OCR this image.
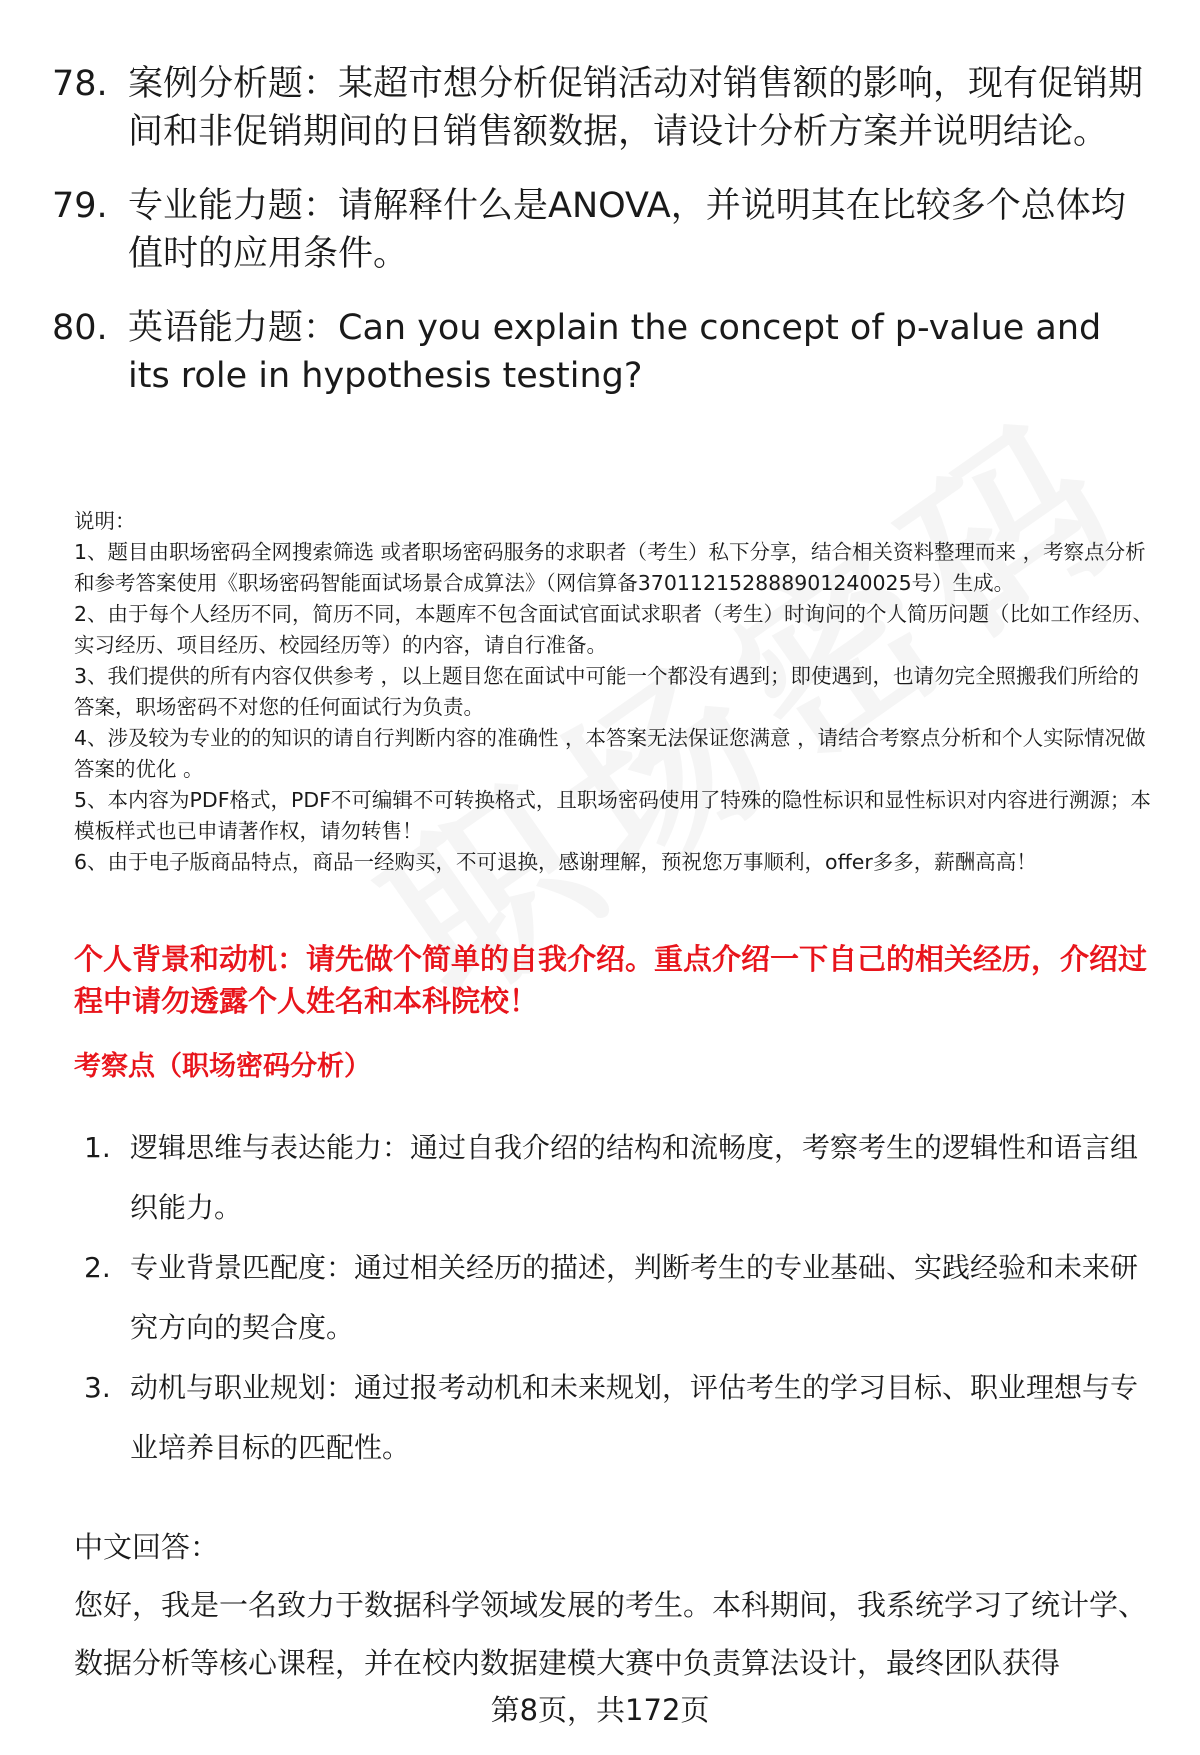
78. 案例分析题：某超市想分析促销活动对销售额的影响，现有促销期间和非促销期间的日销售额数据，请设计分析方案并说明结论。
79. 专业能力题：请解释什么是ANOVA，并说明其在比较多个总体均值时的应用条件。
80. 英语能力题：Can you explain the concept of p-value and its role in hypothesis testing?

说明：

1、题目由职场密码全网搜索筛选 或者职场密码服务的求职者（考生）私下分享，结合相关资料整理而来 ，考察点分析和参考答案使用《职场密码智能面试场景合成算法》（网信算备370112152888901240025号）生成。

2、由于每个人经历不同，简历不同，本题库不包含面试官面试求职者（考生）时询问的个人简历问题（比如工作经历、实习经历、项目经历、校园经历等）的内容，请自行准备。

3、我们提供的所有内容仅供参考 ，以上题目您在面试中可能一个都没有遇到；即使遇到，也请勿完全照搬我们所给的答案，职场密码不对您的任何面试行为负责。

4、涉及较为专业的的知识的请自行判断内容的准确性 ，本答案无法保证您满意 ，请结合考察点分析和个人实际情况做答案的优化 。

5、本内容为PDF格式，PDF不可编辑不可转换格式，且职场密码使用了特殊的隐性标识和显性标识对内容进行溯源；本模板样式也已申请著作权，请勿转售！

6、由于电子版商品特点，商品一经购买，不可退换，感谢理解，预祝您万事顺利，offer多多，薪酬高高！

个人背景和动机：请先做个简单的自我介绍。重点介绍一下自己的相关经历，介绍过程中请勿透露个人姓名和本科院校！

考察点（职场密码分析）

1. 逻辑思维与表达能力：通过自我介绍的结构和流畅度，考察考生的逻辑性和语言组织能力。
2. 专业背景匹配度：通过相关经历的描述，判断考生的专业基础、实践经验和未来研究方向的契合度。
3. 动机与职业规划：通过报考动机和未来规划，评估考生的学习目标、职业理想与专业培养目标的匹配性。

中文回答：

您好，我是一名致力于数据科学领域发展的考生。本科期间，我系统学习了统计学、数据分析等核心课程，并在校内数据建模大赛中负责算法设计，最终团队获得

第8页，共172页
